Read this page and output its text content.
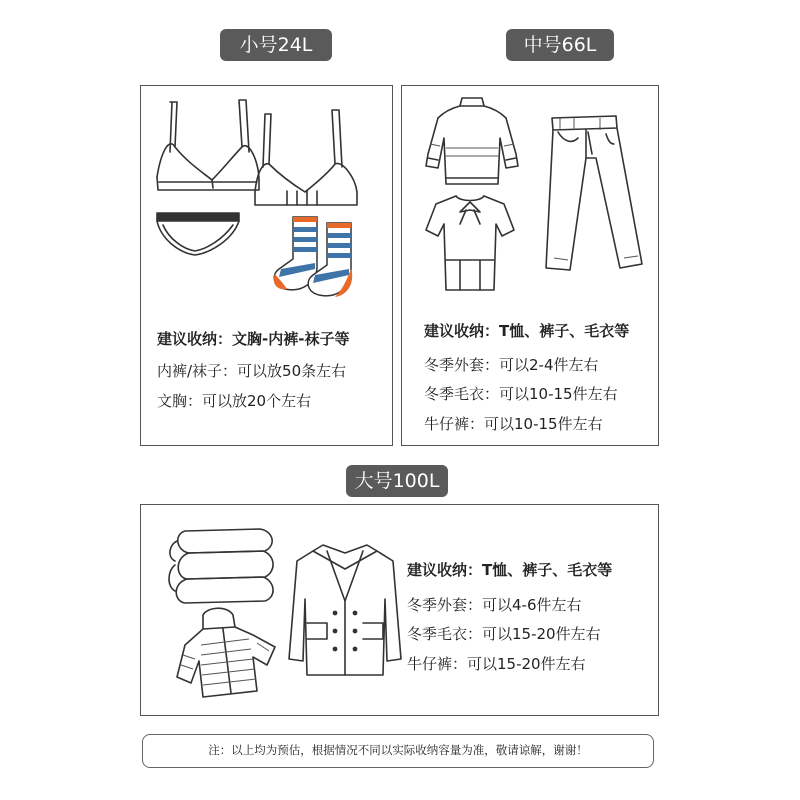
小号24L
建议收纳：文胸-内裤-袜子等
内裤/袜子：可以放50条左右
文胸：可以放20个左右
中号66L
建议收纳：T恤、裤子、毛衣等
冬季外套：可以2-4件左右
冬季毛衣：可以10-15件左右
牛仔裤：可以10-15件左右
大号100L
建议收纳：T恤、裤子、毛衣等
冬季外套：可以4-6件左右
冬季毛衣：可以15-20件左右
牛仔裤：可以15-20件左右
注：以上均为预估，根据情况不同以实际收纳容量为准，敬请谅解，谢谢！
